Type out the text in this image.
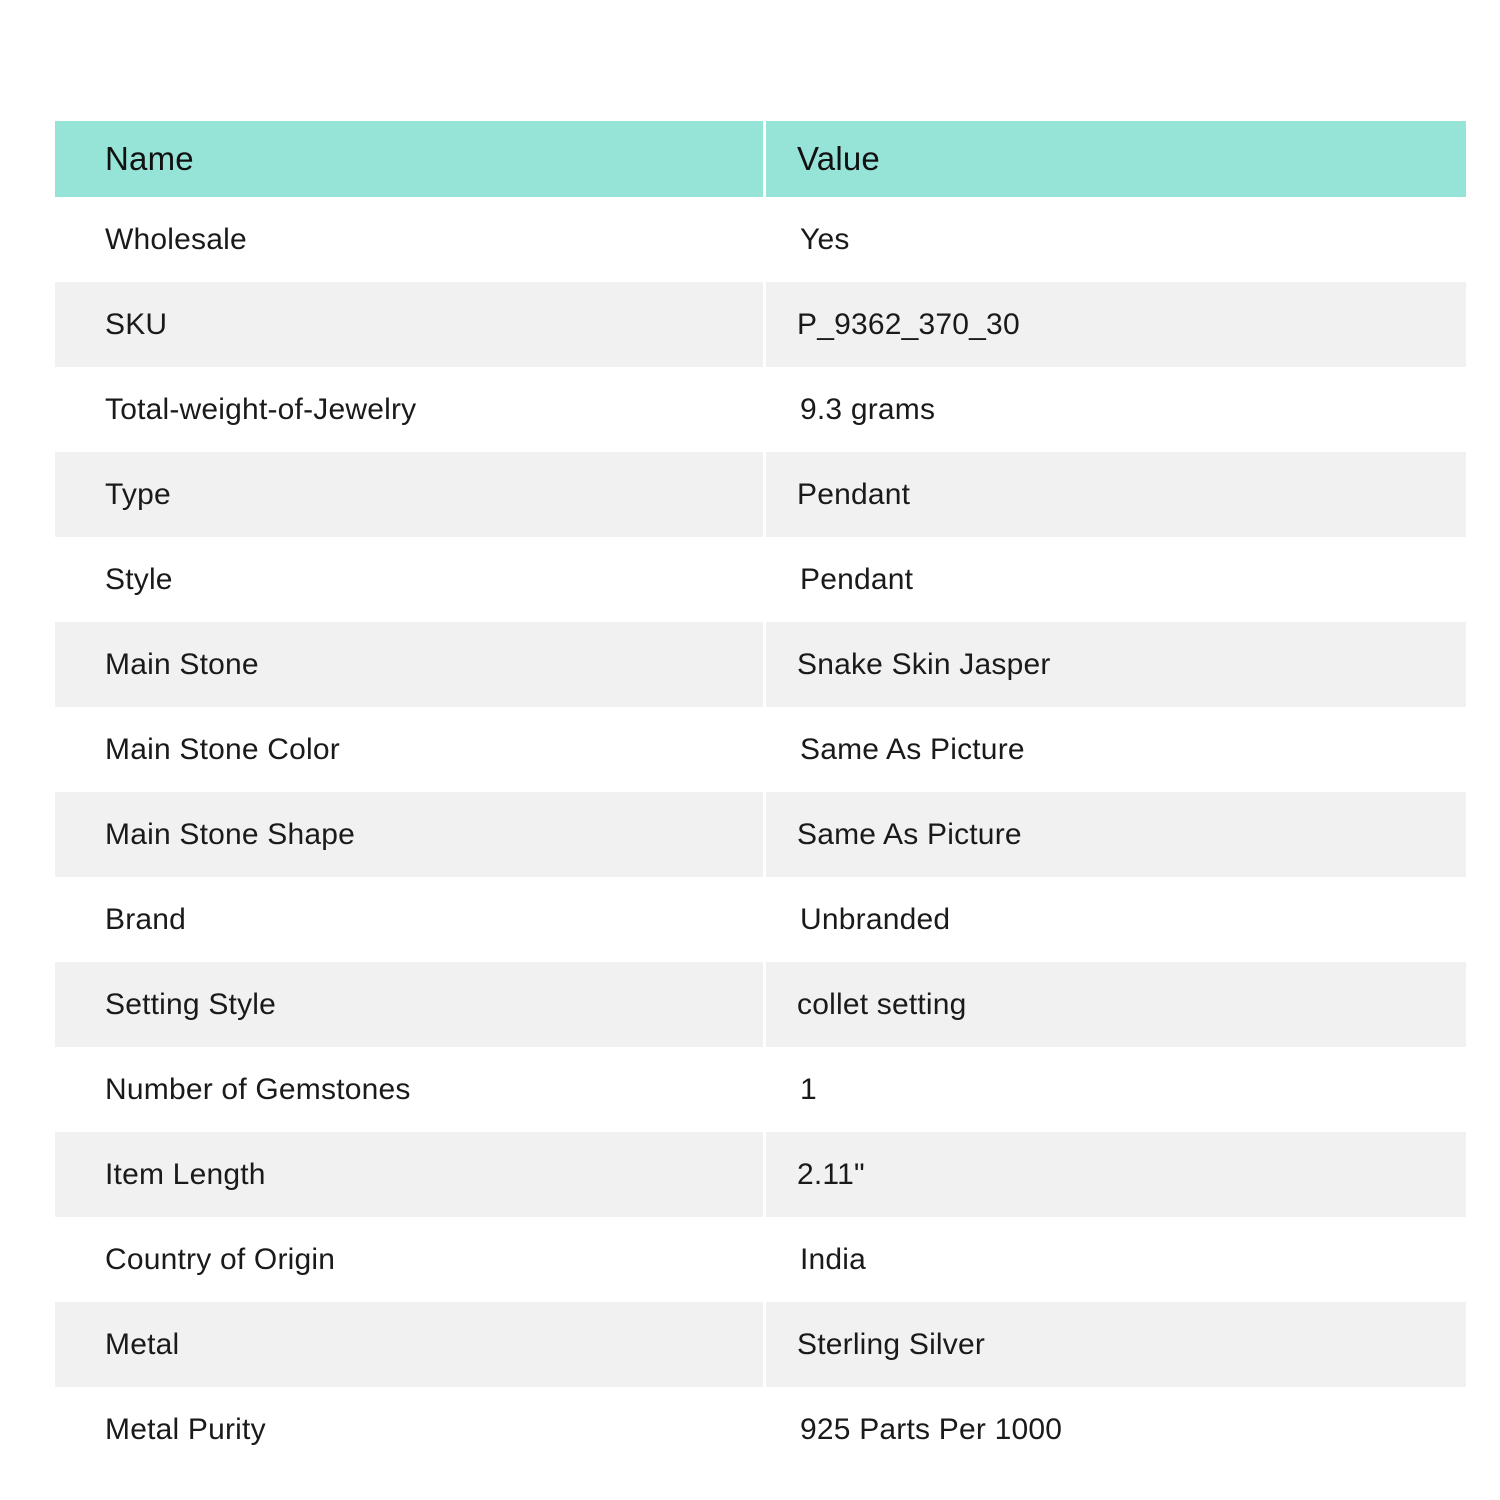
Name	Value
Wholesale	Yes
SKU	P_9362_370_30
Total-weight-of-Jewelry	9.3 grams
Type	Pendant
Style	Pendant
Main Stone	Snake Skin Jasper
Main Stone Color	Same As Picture
Main Stone Shape	Same As Picture
Brand	Unbranded
Setting Style	collet setting
Number of Gemstones	1
Item Length	2.11"
Country of Origin	India
Metal	Sterling Silver
Metal Purity	925 Parts Per 1000
